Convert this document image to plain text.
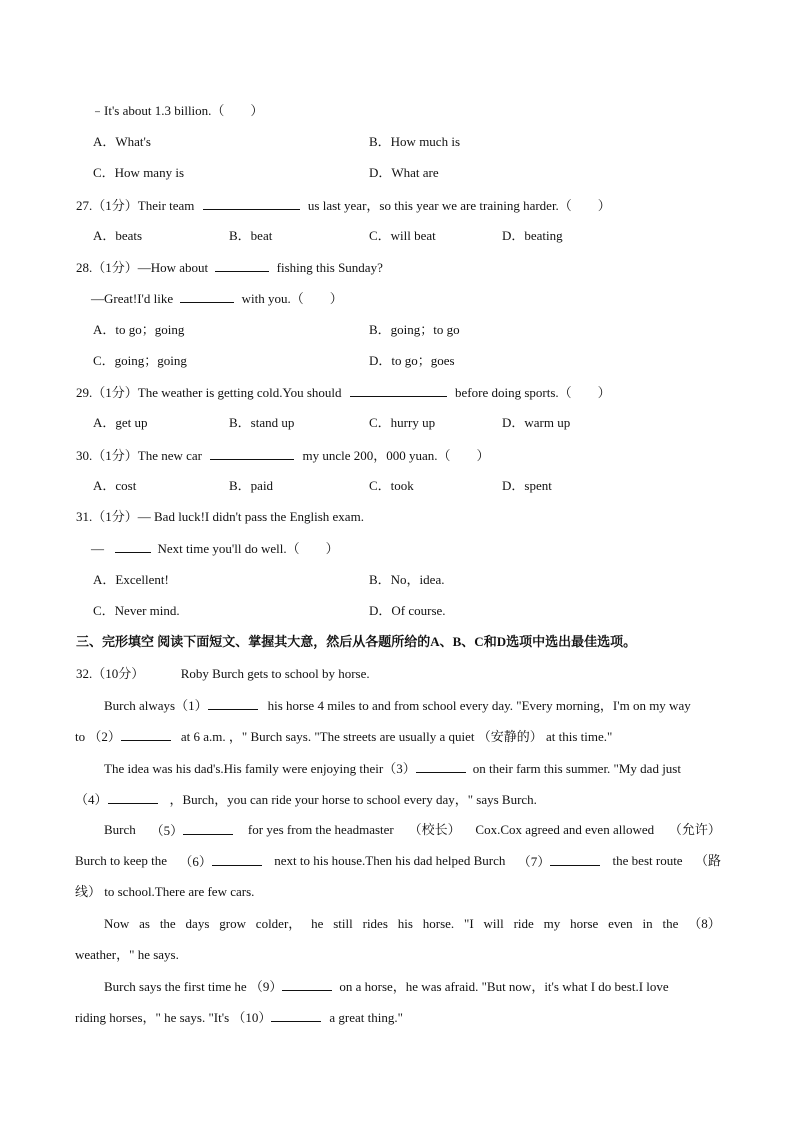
﹣It's about 1.3 billion.（　　）
A．What's	B．How much is
C．How many is	D．What are
27.（1分）Their team	us last year，so this year we are training harder.（　　）
A．beats	B．beat	C．will beat	D．beating
28.（1分）—How about	fishing this Sunday?
—Great!I'd like	with you.（　　）
A．to go；going	B．going；to go
C．going；going	D．to go；goes
29.（1分）The weather is getting cold.You should	before doing sports.（　　）
A．get up	B．stand up	C．hurry up	D．warm up
30.（1分）The new car	my uncle 200，000 yuan.（　　）
A．cost	B．paid	C．took	D．spent
31.（1分）— Bad luck!I didn't pass the English exam.
—	Next time you'll do well.（　　）
A．Excellent!	B．No，idea.
C．Never mind.	D．Of course.
三、完形填空 阅读下面短文、掌握其大意，然后从各题所给的A、B、C和D选项中选出最佳选项。
32.（10分）	Roby Burch gets to school by horse.
Burch always（1）	his horse 4 miles to and from school every day. "Every morning，I'm on my way
to （2）	at 6 a.m. ，" Burch says. "The streets are usually a quiet （安静的） at this time."
The idea was his dad's.His family were enjoying their（3）	on their farm this summer. "My dad just
（4）	，Burch，you can ride your horse to school every day，" says Burch.
Burch （5）	for yes from the headmaster （校长） Cox.Cox agreed and even allowed （允许）
Burch to keep the （6）	next to his house.Then his dad helped Burch （7）	the best route （路
线） to school.There are few cars.
Now as the days grow colder， he still rides his horse. "I will ride my horse even in the （8）
weather，" he says.
Burch says the first time he （9）	on a horse，he was afraid. "But now，it's what I do best.I love
riding horses，" he says. "It's （10）	a great thing."
